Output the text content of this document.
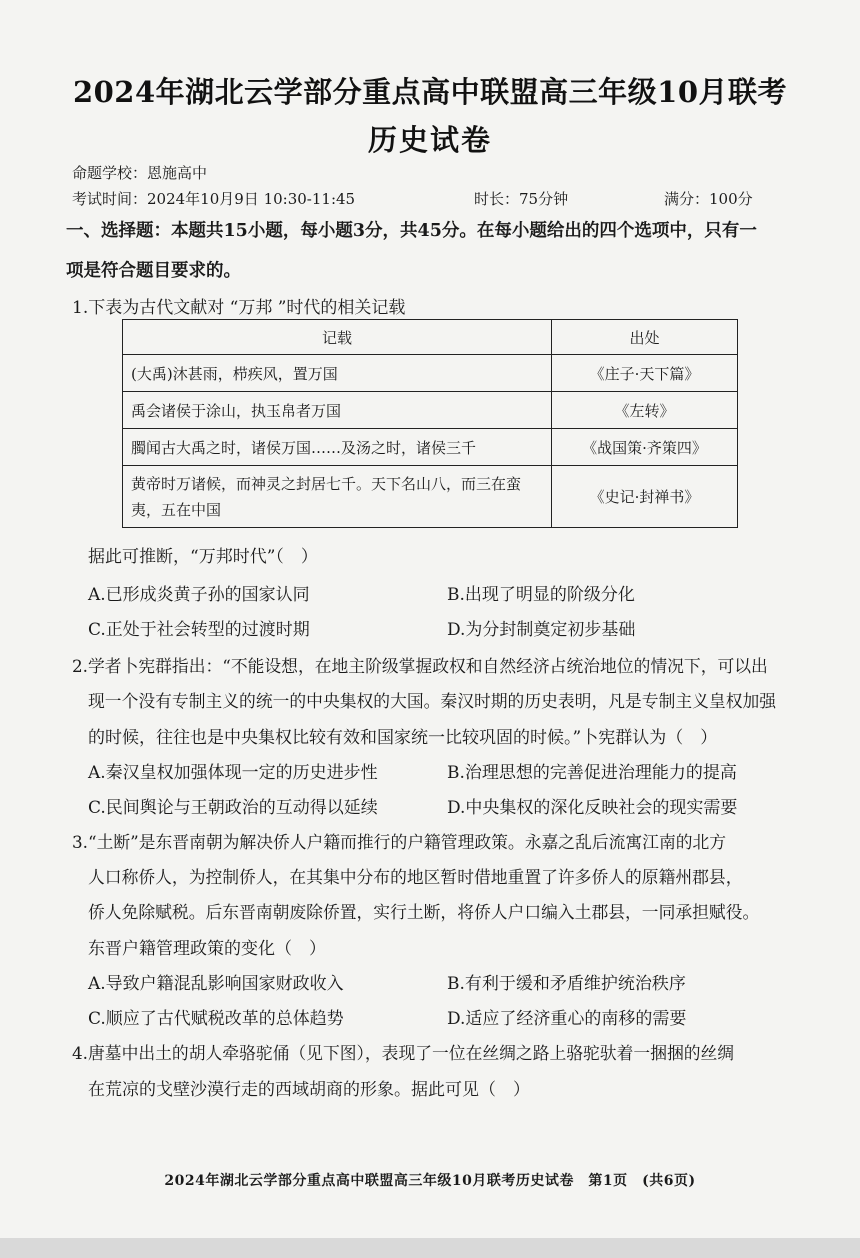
2024年湖北云学部分重点高中联盟高三年级10月联考
历史试卷
命题学校：恩施高中
考试时间：2024年10月9日 10:30-11:45	时长：75分钟	满分：100分
一、选择题：本题共15小题，每小题3分，共45分。在每小题给出的四个选项中，只有一
项是符合题目要求的。
1.下表为古代文献对 “万邦 ”时代的相关记载
记载	出处
(大禹)沐甚雨，栉疾风，置万国	《庄子·天下篇》
禹会诸侯于涂山，执玉帛者万国	《左转》
臅闻古大禹之时，诸侯万国……及汤之时，诸侯三千	《战国策·齐策四》
黄帝时万诸候，而神灵之封居七千。天下名山八，而三在蛮夷，五在中国	《史记·封禅书》
据此可推断，“万邦时代”（　）
A.已形成炎黄子孙的国家认同	B.出现了明显的阶级分化
C.正处于社会转型的过渡时期	D.为分封制奠定初步基础
2.学者卜宪群指出：“不能设想，在地主阶级掌握政权和自然经济占统治地位的情况下，可以出
现一个没有专制主义的统一的中央集权的大国。秦汉时期的历史表明，凡是专制主义皇权加强
的时候，往往也是中央集权比较有效和国家统一比较巩固的时候。”卜宪群认为（　）
A.秦汉皇权加强体现一定的历史进步性	B.治理思想的完善促进治理能力的提高
C.民间舆论与王朝政治的互动得以延续	D.中央集权的深化反映社会的现实需要
3.“土断”是东晋南朝为解决侨人户籍而推行的户籍管理政策。永嘉之乱后流寓江南的北方
人口称侨人，为控制侨人，在其集中分布的地区暂时借地重置了许多侨人的原籍州郡县，
侨人免除赋税。后东晋南朝废除侨置，实行土断，将侨人户口编入土郡县，一同承担赋役。
东晋户籍管理政策的变化（　）
A.导致户籍混乱影响国家财政收入	B.有利于缓和矛盾维护统治秩序
C.顺应了古代赋税改革的总体趋势	D.适应了经济重心的南移的需要
4.唐墓中出土的胡人牵骆驼俑（见下图），表现了一位在丝绸之路上骆驼驮着一捆捆的丝绸
在荒凉的戈壁沙漠行走的西域胡商的形象。据此可见（　）
2024年湖北云学部分重点高中联盟高三年级10月联考历史试卷　第1页　(共6页)
